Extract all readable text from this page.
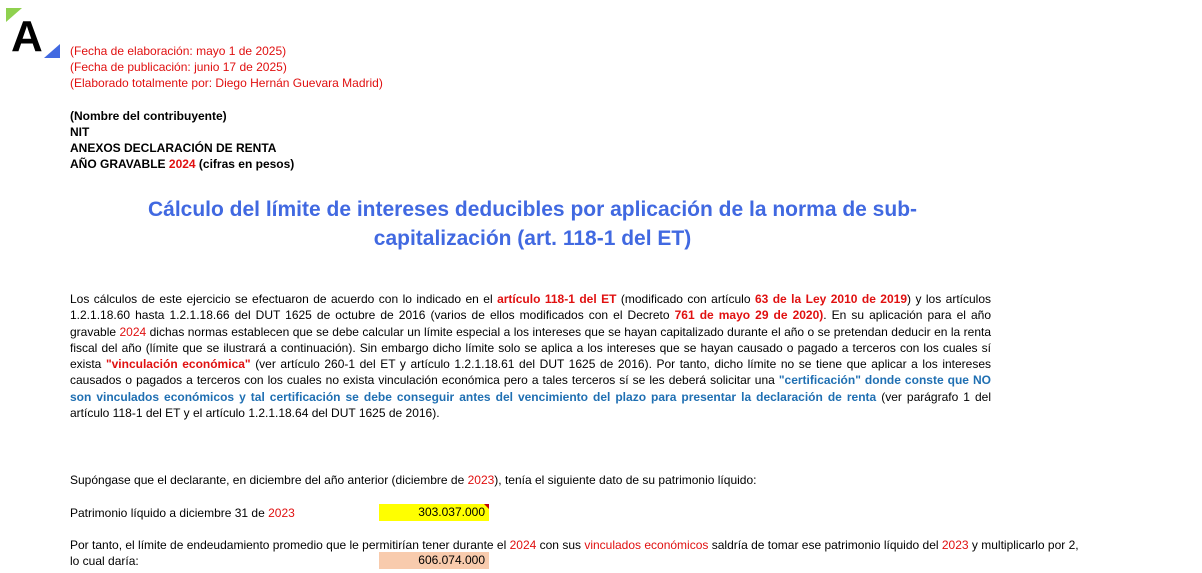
A (Fecha de elaboración: mayo 1 de 2025)
(Fecha de publicación: junio 17 de 2025)
(Elaborado totalmente por: Diego Hernán Guevara Madrid)
(Nombre del contribuyente)
NIT
ANEXOS DECLARACIÓN DE RENTA
AÑO GRAVABLE 2024 (cifras en pesos)
Cálculo del límite de intereses deducibles por aplicación de la norma de sub-capitalización (art. 118-1 del ET)
Los cálculos de este ejercicio se efectuaron de acuerdo con lo indicado en el artículo 118-1 del ET (modificado con artículo 63 de la Ley 2010 de 2019) y los artículos 1.2.1.18.60 hasta 1.2.1.18.66 del DUT 1625 de octubre de 2016 (varios de ellos modificados con el Decreto 761 de mayo 29 de 2020). En su aplicación para el año gravable 2024 dichas normas establecen que se debe calcular un límite especial a los intereses que se hayan capitalizado durante el año o se pretendan deducir en la renta fiscal del año (límite que se ilustrará a continuación). Sin embargo dicho límite solo se aplica a los intereses que se hayan causado o pagado a terceros con los cuales sí exista "vinculación económica" (ver artículo 260-1 del ET y artículo 1.2.1.18.61 del DUT 1625 de 2016). Por tanto, dicho límite no se tiene que aplicar a los intereses causados o pagados a terceros con los cuales no exista vinculación económica pero a tales terceros sí se les deberá solicitar una "certificación" donde conste que NO son vinculados económicos y tal certificación se debe conseguir antes del vencimiento del plazo para presentar la declaración de renta (ver parágrafo 1 del artículo 118-1 del ET y el artículo 1.2.1.18.64 del DUT 1625 de 2016).
Supóngase que el declarante, en diciembre del año anterior (diciembre de 2023), tenía el siguiente dato de su patrimonio líquido:
Patrimonio líquido a diciembre 31 de 2023	303.037.000
Por tanto, el límite de endeudamiento promedio que le permitirían tener durante el 2024 con sus vinculados económicos saldría de tomar ese patrimonio líquido del 2023 y multiplicarlo por 2,
lo cual daría:	606.074.000
